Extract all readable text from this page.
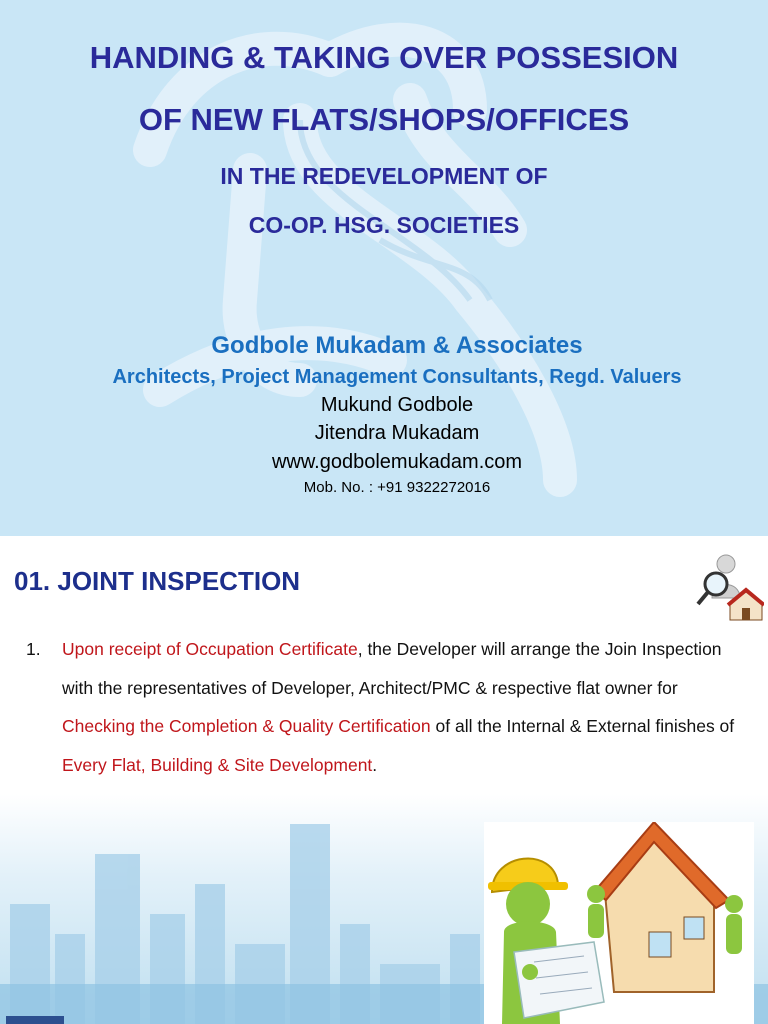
HANDING & TAKING OVER POSSESION
OF NEW FLATS/SHOPS/OFFICES
IN THE REDEVELOPMENT OF
CO-OP. HSG. SOCIETIES
Godbole Mukadam & Associates
Architects, Project Management Consultants, Regd. Valuers
Mukund Godbole
Jitendra Mukadam
www.godbolemukadam.com
Mob. No. : +91 9322272016
01. JOINT INSPECTION
1. Upon receipt of Occupation Certificate, the Developer will arrange the Join Inspection with the representatives of Developer, Architect/PMC & respective flat owner for Checking the Completion & Quality Certification of all the Internal & External finishes of Every Flat, Building & Site Development.
